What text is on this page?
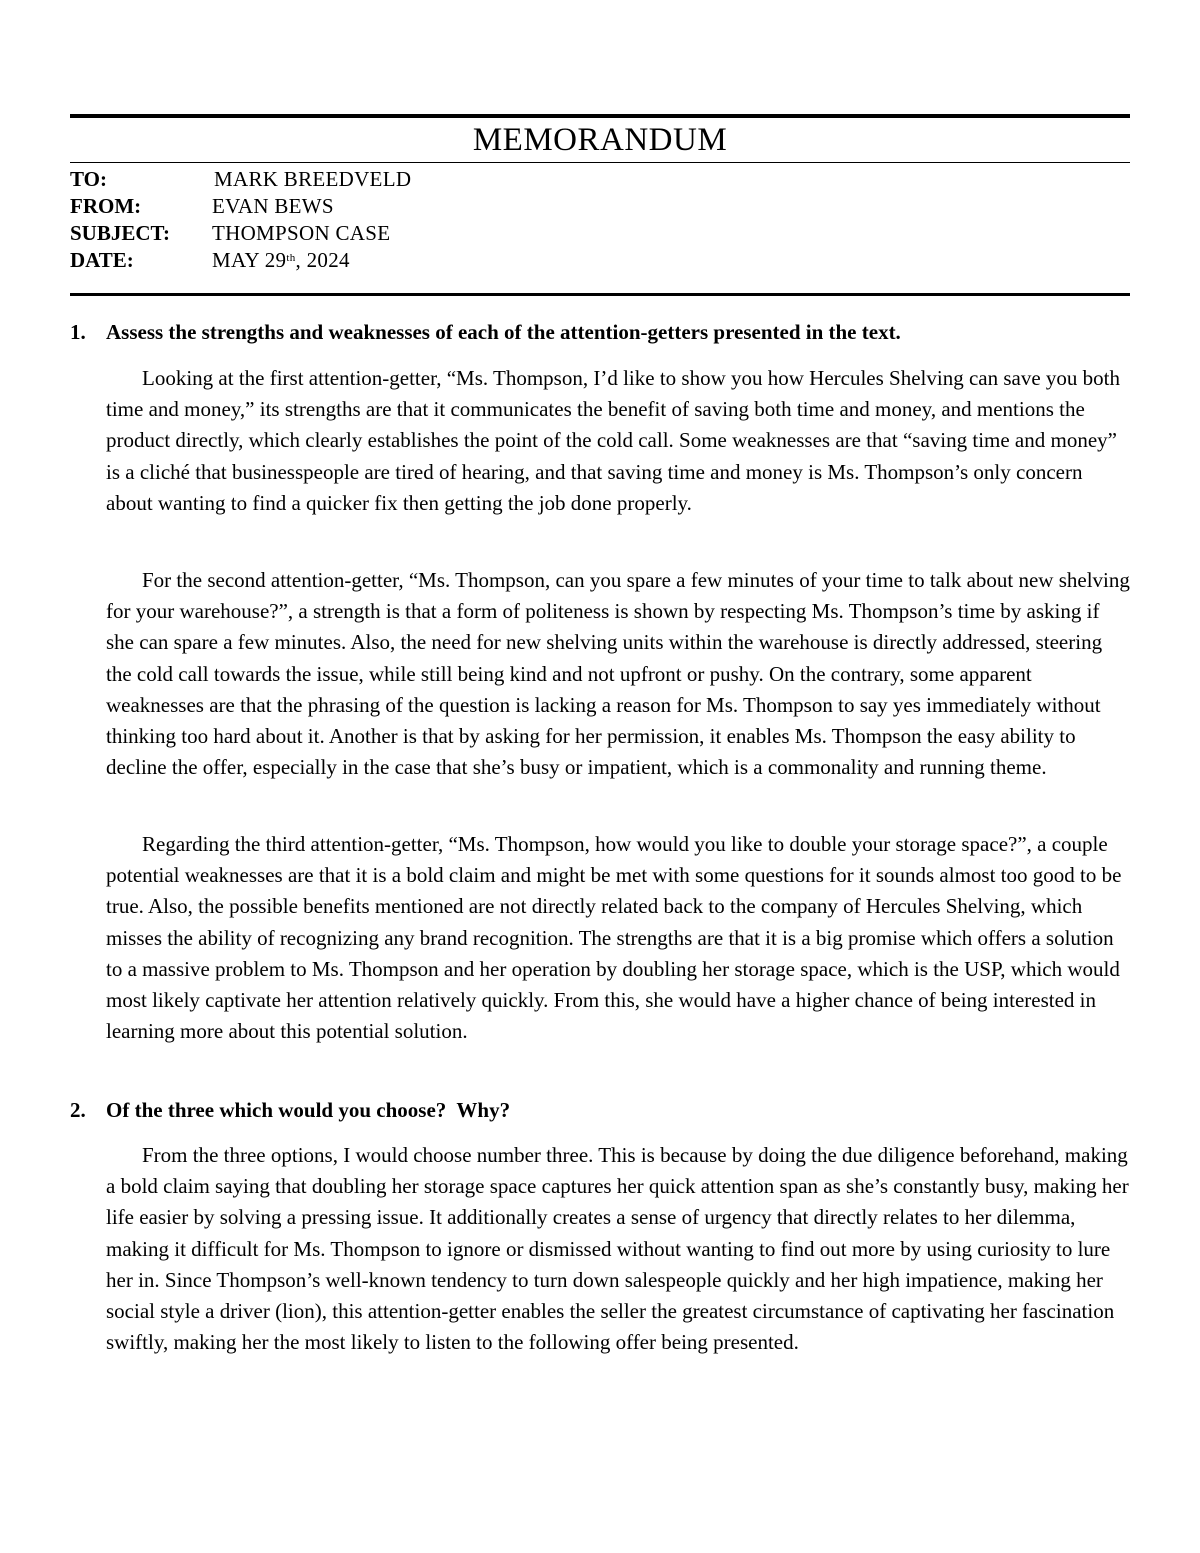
MEMORANDUM
TO:	MARK BREEDVELD
FROM:	EVAN BEWS
SUBJECT: THOMPSON CASE
DATE:	MAY 29th, 2024
1. Assess the strengths and weaknesses of each of the attention-getters presented in the text.

Looking at the first attention-getter, “Ms. Thompson, I’d like to show you how Hercules Shelving can save you both time and money,” its strengths are that it communicates the benefit of saving both time and money, and mentions the product directly, which clearly establishes the point of the cold call. Some weaknesses are that “saving time and money” is a cliché that businesspeople are tired of hearing, and that saving time and money is Ms. Thompson’s only concern about wanting to find a quicker fix then getting the job done properly.

For the second attention-getter, “Ms. Thompson, can you spare a few minutes of your time to talk about new shelving for your warehouse?”, a strength is that a form of politeness is shown by respecting Ms. Thompson’s time by asking if she can spare a few minutes. Also, the need for new shelving units within the warehouse is directly addressed, steering the cold call towards the issue, while still being kind and not upfront or pushy. On the contrary, some apparent weaknesses are that the phrasing of the question is lacking a reason for Ms. Thompson to say yes immediately without thinking too hard about it. Another is that by asking for her permission, it enables Ms. Thompson the easy ability to decline the offer, especially in the case that she’s busy or impatient, which is a commonality and running theme.

Regarding the third attention-getter, “Ms. Thompson, how would you like to double your storage space?”, a couple potential weaknesses are that it is a bold claim and might be met with some questions for it sounds almost too good to be true. Also, the possible benefits mentioned are not directly related back to the company of Hercules Shelving, which misses the ability of recognizing any brand recognition. The strengths are that it is a big promise which offers a solution to a massive problem to Ms. Thompson and her operation by doubling her storage space, which is the USP, which would most likely captivate her attention relatively quickly. From this, she would have a higher chance of being interested in learning more about this potential solution.

2. Of the three which would you choose?  Why?

From the three options, I would choose number three. This is because by doing the due diligence beforehand, making a bold claim saying that doubling her storage space captures her quick attention span as she’s constantly busy, making her life easier by solving a pressing issue. It additionally creates a sense of urgency that directly relates to her dilemma, making it difficult for Ms. Thompson to ignore or dismissed without wanting to find out more by using curiosity to lure her in. Since Thompson’s well-known tendency to turn down salespeople quickly and her high impatience, making her social style a driver (lion), this attention-getter enables the seller the greatest circumstance of captivating her fascination swiftly, making her the most likely to listen to the following offer being presented.
